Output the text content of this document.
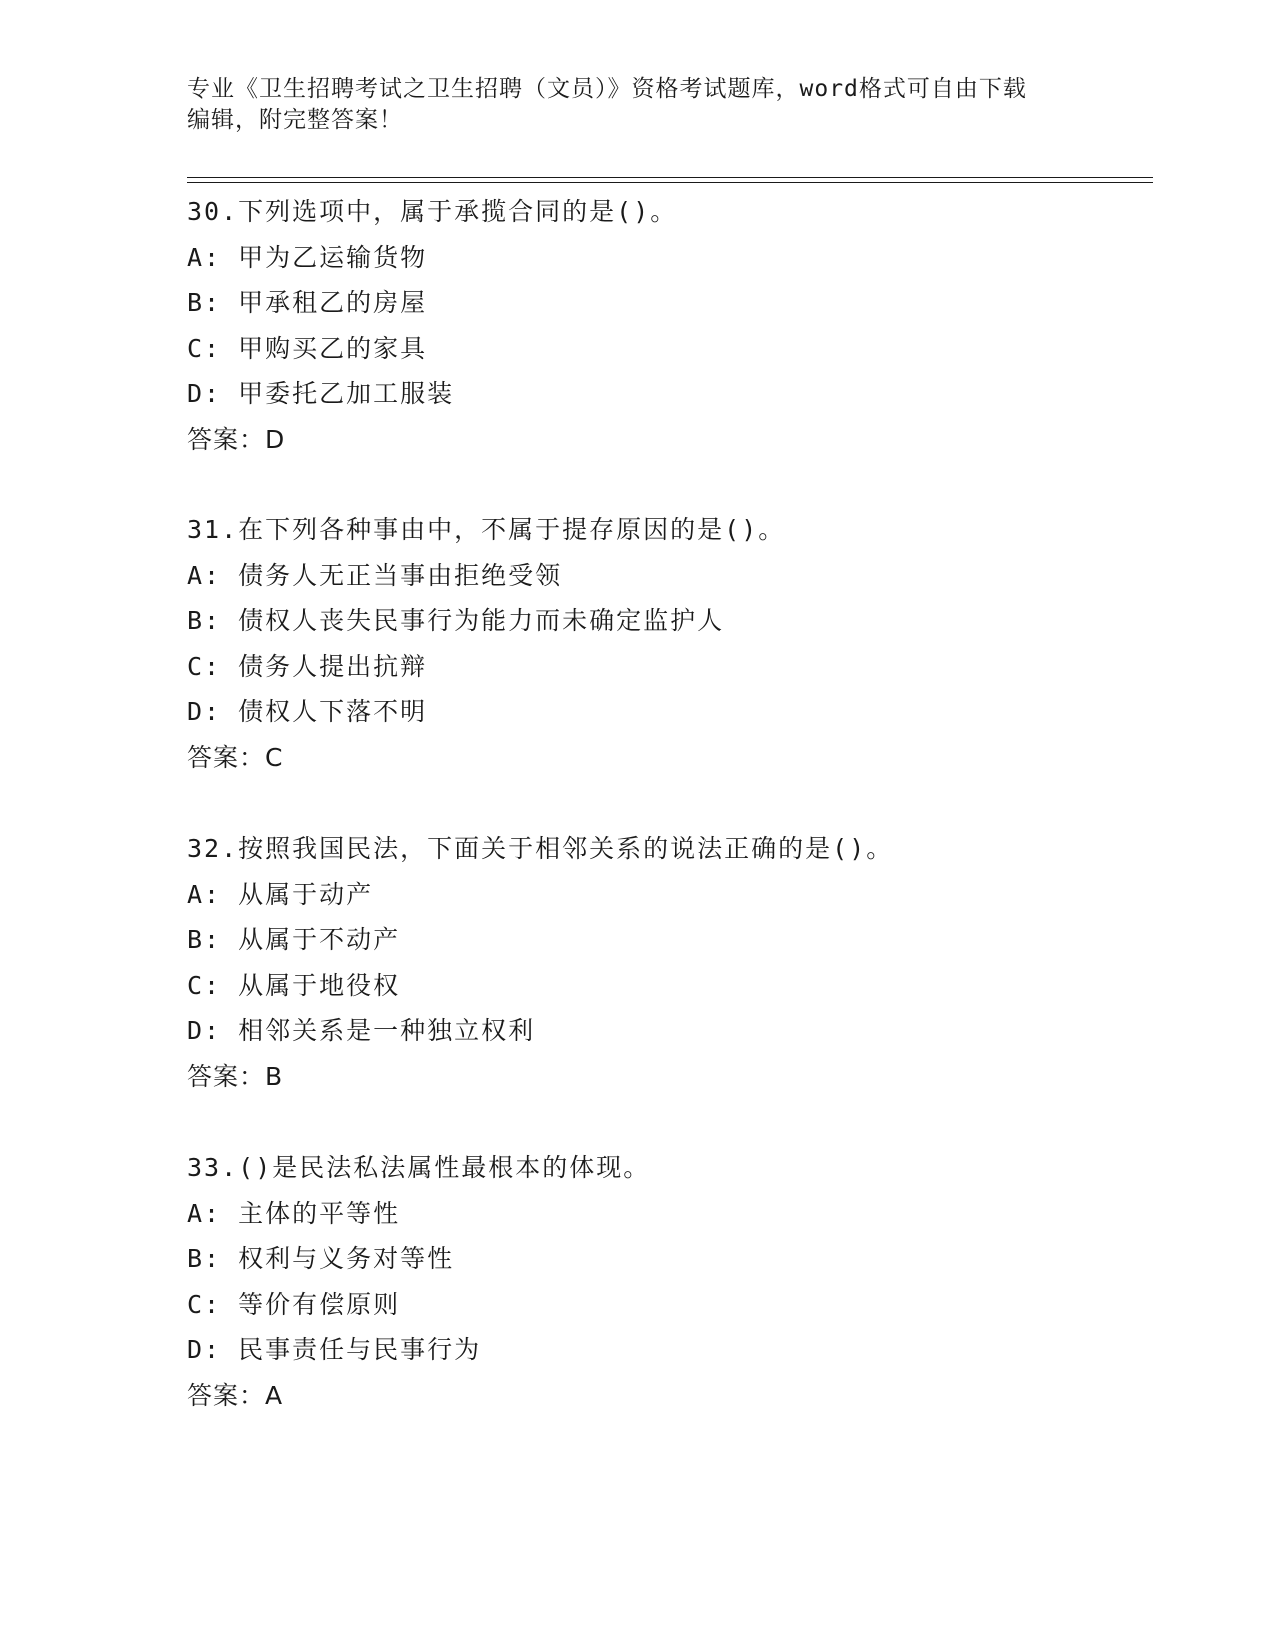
专业《卫生招聘考试之卫生招聘（文员）》资格考试题库，word格式可自由下载
编辑，附完整答案！
30.下列选项中，属于承揽合同的是()。
A: 甲为乙运输货物
B: 甲承租乙的房屋
C: 甲购买乙的家具
D: 甲委托乙加工服装
答案：D
31.在下列各种事由中，不属于提存原因的是()。
A: 债务人无正当事由拒绝受领
B: 债权人丧失民事行为能力而未确定监护人
C: 债务人提出抗辩
D: 债权人下落不明
答案：C
32.按照我国民法，下面关于相邻关系的说法正确的是()。
A: 从属于动产
B: 从属于不动产
C: 从属于地役权
D: 相邻关系是一种独立权利
答案：B
33.()是民法私法属性最根本的体现。
A: 主体的平等性
B: 权利与义务对等性
C: 等价有偿原则
D: 民事责任与民事行为
答案：A
